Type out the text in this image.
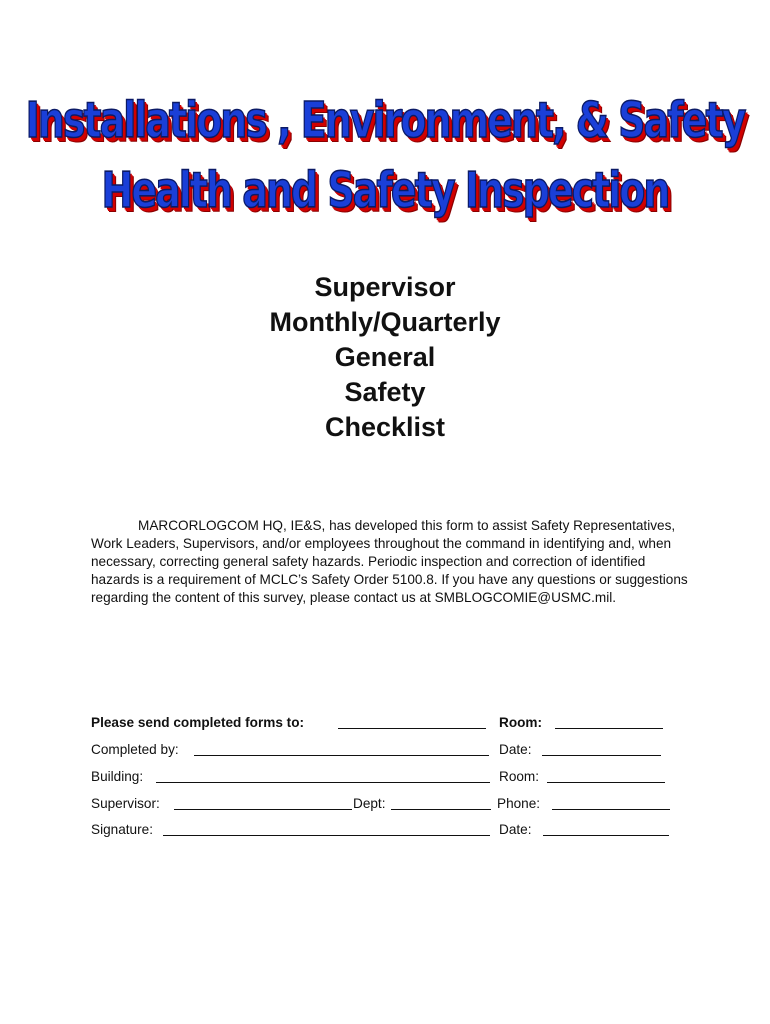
Installations , Environment, & Safety
Health and Safety Inspection
Supervisor
Monthly/Quarterly
General
Safety
Checklist

MARCORLOGCOM HQ, IE&S, has developed this form to assist Safety Representatives, Work Leaders, Supervisors, and/or employees throughout the command in identifying and, when necessary, correcting general safety hazards. Periodic inspection and correction of identified hazards is a requirement of MCLC’s Safety Order 5100.8. If you have any questions or suggestions regarding the content of this survey, please contact us at SMBLOGCOMIE@USMC.mil.

Please send completed forms to:	Room:
Completed by:	Date:
Building:	Room:
Supervisor:	Dept:	Phone:
Signature:	Date:
